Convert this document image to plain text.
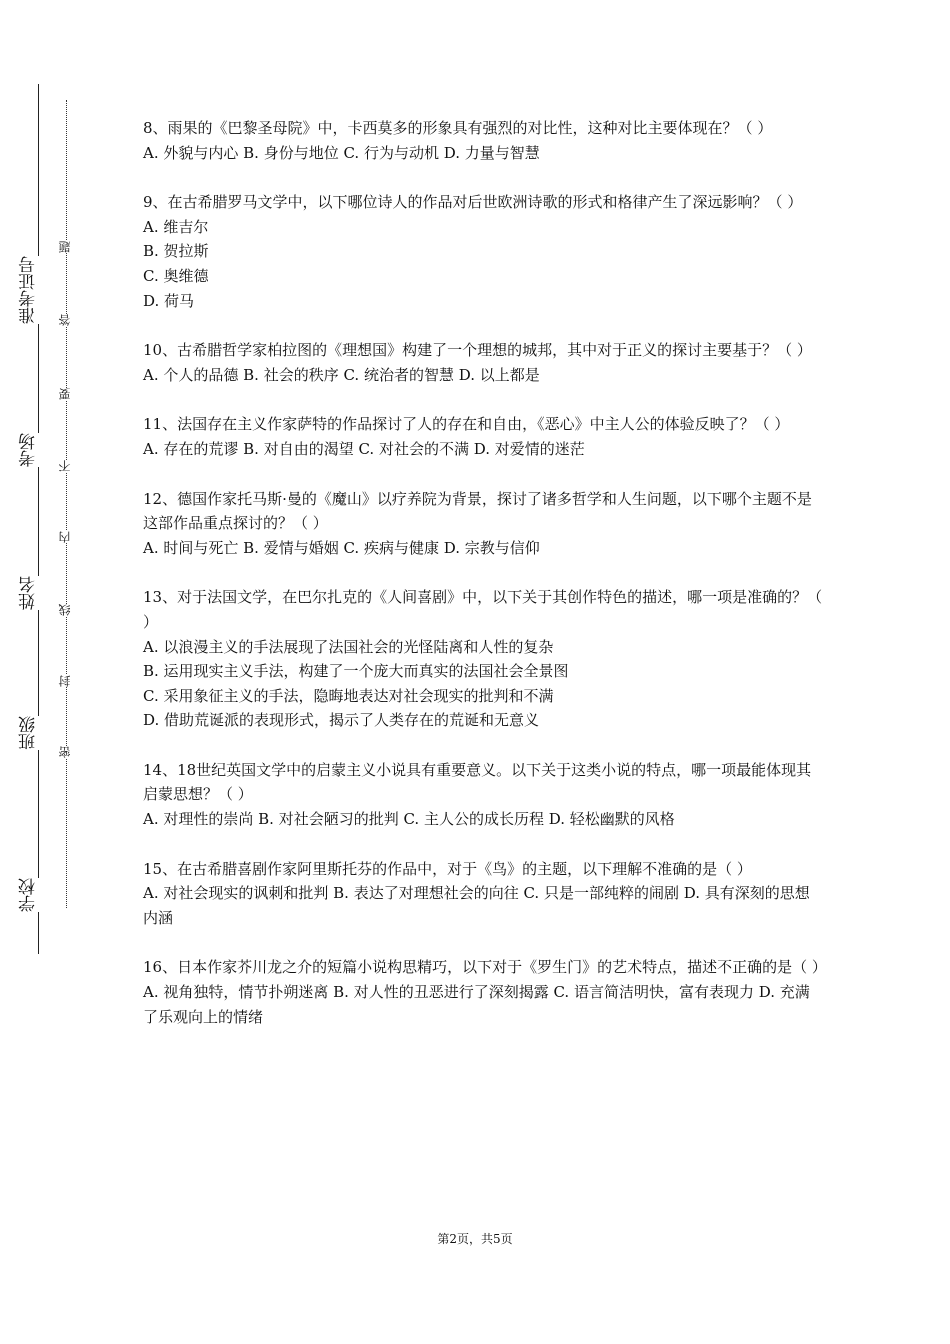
准考证号
考场
姓名
班级
学校
题
答
要
不
内
线
封
密

8、雨果的《巴黎圣母院》中，卡西莫多的形象具有强烈的对比性，这种对比主要体现在？（ ）

A. 外貌与内心 B. 身份与地位 C. 行为与动机 D. 力量与智慧

9、在古希腊罗马文学中，以下哪位诗人的作品对后世欧洲诗歌的形式和格律产生了深远影响？（ ）

A. 维吉尔

B. 贺拉斯

C. 奥维德

D. 荷马

10、古希腊哲学家柏拉图的《理想国》构建了一个理想的城邦，其中对于正义的探讨主要基于？（ ）

A. 个人的品德 B. 社会的秩序 C. 统治者的智慧 D. 以上都是

11、法国存在主义作家萨特的作品探讨了人的存在和自由，《恶心》中主人公的体验反映了？（ ）

A. 存在的荒谬 B. 对自由的渴望 C. 对社会的不满 D. 对爱情的迷茫

12、德国作家托马斯·曼的《魔山》以疗养院为背景，探讨了诸多哲学和人生问题，以下哪个主题不是这部作品重点探讨的？（ ）

A. 时间与死亡 B. 爱情与婚姻 C. 疾病与健康 D. 宗教与信仰

13、对于法国文学，在巴尔扎克的《人间喜剧》中，以下关于其创作特色的描述，哪一项是准确的？（ ）

A. 以浪漫主义的手法展现了法国社会的光怪陆离和人性的复杂

B. 运用现实主义手法，构建了一个庞大而真实的法国社会全景图

C. 采用象征主义的手法，隐晦地表达对社会现实的批判和不满

D. 借助荒诞派的表现形式，揭示了人类存在的荒诞和无意义

14、18世纪英国文学中的启蒙主义小说具有重要意义。以下关于这类小说的特点，哪一项最能体现其启蒙思想？（ ）

A. 对理性的崇尚 B. 对社会陋习的批判 C. 主人公的成长历程 D. 轻松幽默的风格

15、在古希腊喜剧作家阿里斯托芬的作品中，对于《鸟》的主题，以下理解不准确的是（ ）

A. 对社会现实的讽刺和批判 B. 表达了对理想社会的向往 C. 只是一部纯粹的闹剧 D. 具有深刻的思想内涵

16、日本作家芥川龙之介的短篇小说构思精巧，以下对于《罗生门》的艺术特点，描述不正确的是（ ）

A. 视角独特，情节扑朔迷离 B. 对人性的丑恶进行了深刻揭露 C. 语言简洁明快，富有表现力 D. 充满了乐观向上的情绪

第2页，共5页
